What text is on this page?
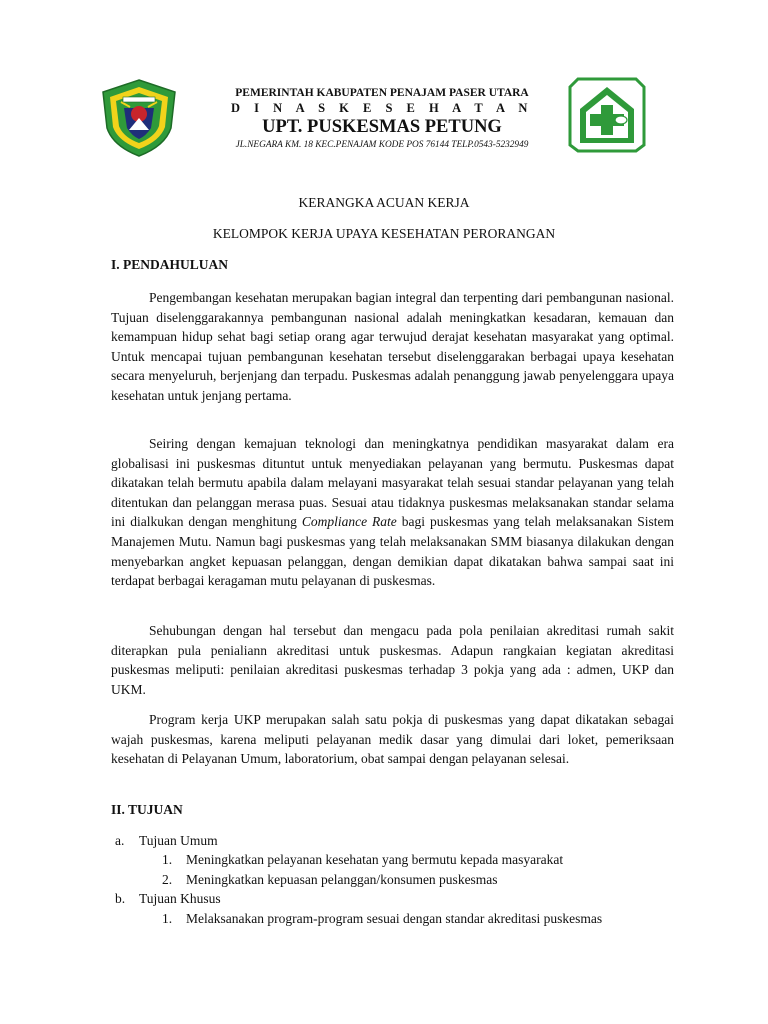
PEMERINTAH KABUPATEN PENAJAM PASER UTARA
D I N A S K E S E H A T A N
UPT. PUSKESMAS PETUNG
JL.NEGARA KM. 18 KEC.PENAJAM KODE POS 76144 TELP.0543-5232949
KERANGKA ACUAN KERJA
KELOMPOK KERJA UPAYA KESEHATAN PERORANGAN
I. PENDAHULUAN

Pengembangan kesehatan merupakan bagian integral dan terpenting dari pembangunan nasional. Tujuan diselenggarakannya pembangunan nasional adalah meningkatkan kesadaran, kemauan dan kemampuan hidup sehat bagi setiap orang agar terwujud derajat kesehatan masyarakat yang optimal. Untuk mencapai tujuan pembangunan kesehatan tersebut diselenggarakan berbagai upaya kesehatan secara menyeluruh, berjenjang dan terpadu. Puskesmas adalah penanggung jawab penyelenggara upaya kesehatan untuk jenjang pertama.

Seiring dengan kemajuan teknologi dan meningkatnya pendidikan masyarakat dalam era globalisasi ini puskesmas dituntut untuk menyediakan pelayanan yang bermutu. Puskesmas dapat dikatakan telah bermutu apabila dalam melayani masyarakat telah sesuai standar pelayanan yang telah ditentukan dan pelanggan merasa puas. Sesuai atau tidaknya puskesmas melaksanakan standar selama ini dialkukan dengan menghitung Compliance Rate bagi puskesmas yang telah melaksanakan Sistem Manajemen Mutu. Namun bagi puskesmas yang telah melaksanakan SMM biasanya dilakukan dengan menyebarkan angket kepuasan pelanggan, dengan demikian dapat dikatakan bahwa sampai saat ini terdapat berbagai keragaman mutu pelayanan di puskesmas.

Sehubungan dengan hal tersebut dan mengacu pada pola penilaian akreditasi rumah sakit diterapkan pula penialiann akreditasi untuk puskesmas. Adapun rangkaian kegiatan akreditasi puskesmas meliputi: penilaian akreditasi puskesmas terhadap 3 pokja yang ada : admen, UKP dan UKM.

Program kerja UKP merupakan salah satu pokja di puskesmas yang dapat dikatakan sebagai wajah puskesmas, karena meliputi pelayanan medik dasar yang dimulai dari loket, pemeriksaan kesehatan di Pelayanan Umum, laboratorium, obat sampai dengan pelayanan selesai.

II. TUJUAN
a. Tujuan Umum
1. Meningkatkan pelayanan kesehatan yang bermutu kepada masyarakat
2. Meningkatkan kepuasan pelanggan/konsumen puskesmas
b. Tujuan Khusus
1. Melaksanakan program-program sesuai dengan standar akreditasi puskesmas
